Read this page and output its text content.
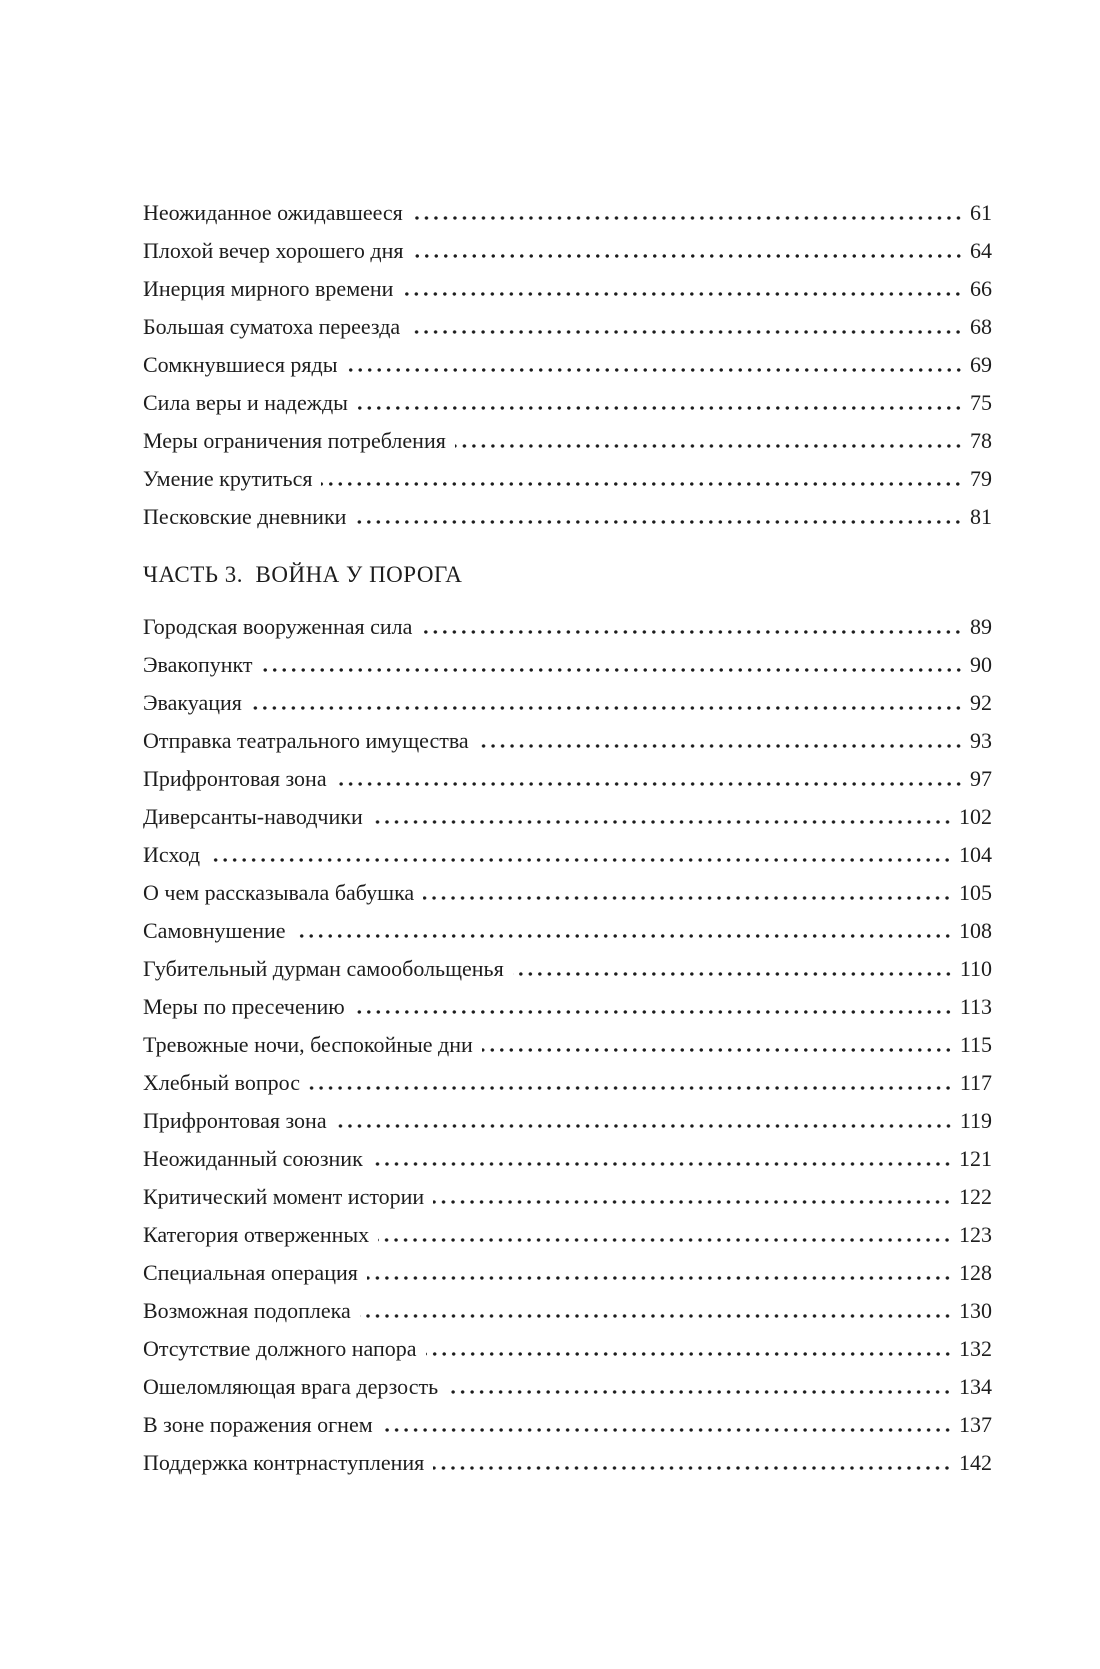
Неожиданное ожидавшееся	61
Плохой вечер хорошего дня	64
Инерция мирного времени	66
Большая суматоха переезда	68
Сомкнувшиеся ряды	69
Сила веры и надежды	75
Меры ограничения потребления	78
Умение крутиться	79
Песковские дневники	81
ЧАСТЬ 3.  ВОЙНА У ПОРОГА
Городская вооруженная сила	89
Эвакопункт	90
Эвакуация	92
Отправка театрального имущества	93
Прифронтовая зона	97
Диверсанты-наводчики	102
Исход	104
О чем рассказывала бабушка	105
Самовнушение	108
Губительный дурман самообольщенья	110
Меры по пресечению	113
Тревожные ночи, беспокойные дни	115
Хлебный вопрос	117
Прифронтовая зона	119
Неожиданный союзник	121
Критический момент истории	122
Категория отверженных	123
Специальная операция	128
Возможная подоплека	130
Отсутствие должного напора	132
Ошеломляющая врага дерзость	134
В зоне поражения огнем	137
Поддержка контрнаступления	142
